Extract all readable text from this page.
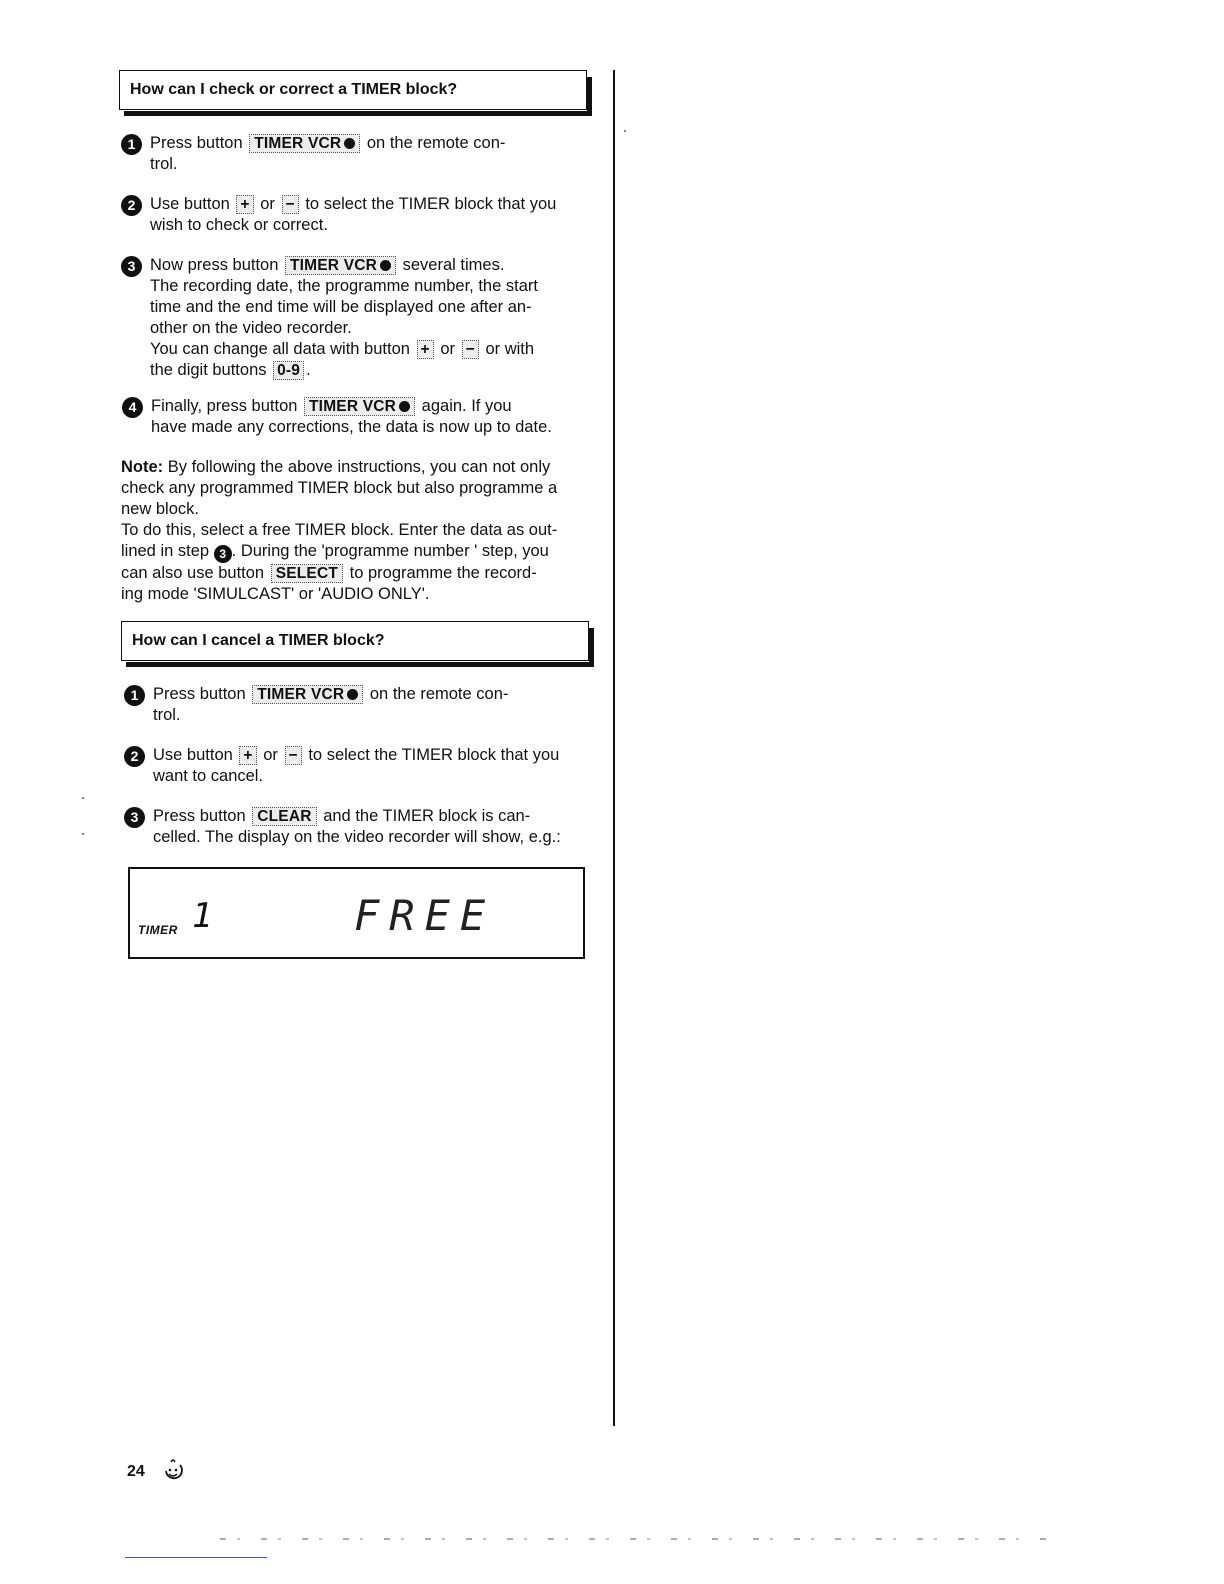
How can I check or correct a TIMER block?
1 Press button TIMER VCR on the remote con-

trol.

2 Use button + or − to select the TIMER block that you

wish to check or correct.

3 Now press button TIMER VCR several times.

The recording date, the programme number, the start

time and the end time will be displayed one after an-

other on the video recorder.

You can change all data with button + or − or with

the digit buttons 0-9 .

4 Finally, press button TIMER VCR again. If you

have made any corrections, the data is now up to date.

Note: By following the above instructions, you can not only

check any programmed TIMER block but also programme a

new block.

To do this, select a free TIMER block. Enter the data as out-

lined in step 3 . During the 'programme number ' step, you

can also use button SELECT to programme the record-

ing mode 'SIMULCAST' or 'AUDIO ONLY'.

How can I cancel a TIMER block?
1 Press button TIMER VCR on the remote con-

trol.

2 Use button + or − to select the TIMER block that you

want to cancel.

3 Press button CLEAR and the TIMER block is can-

celled. The display on the video recorder will show, e.g.:

TIMER 1	FREE
24
